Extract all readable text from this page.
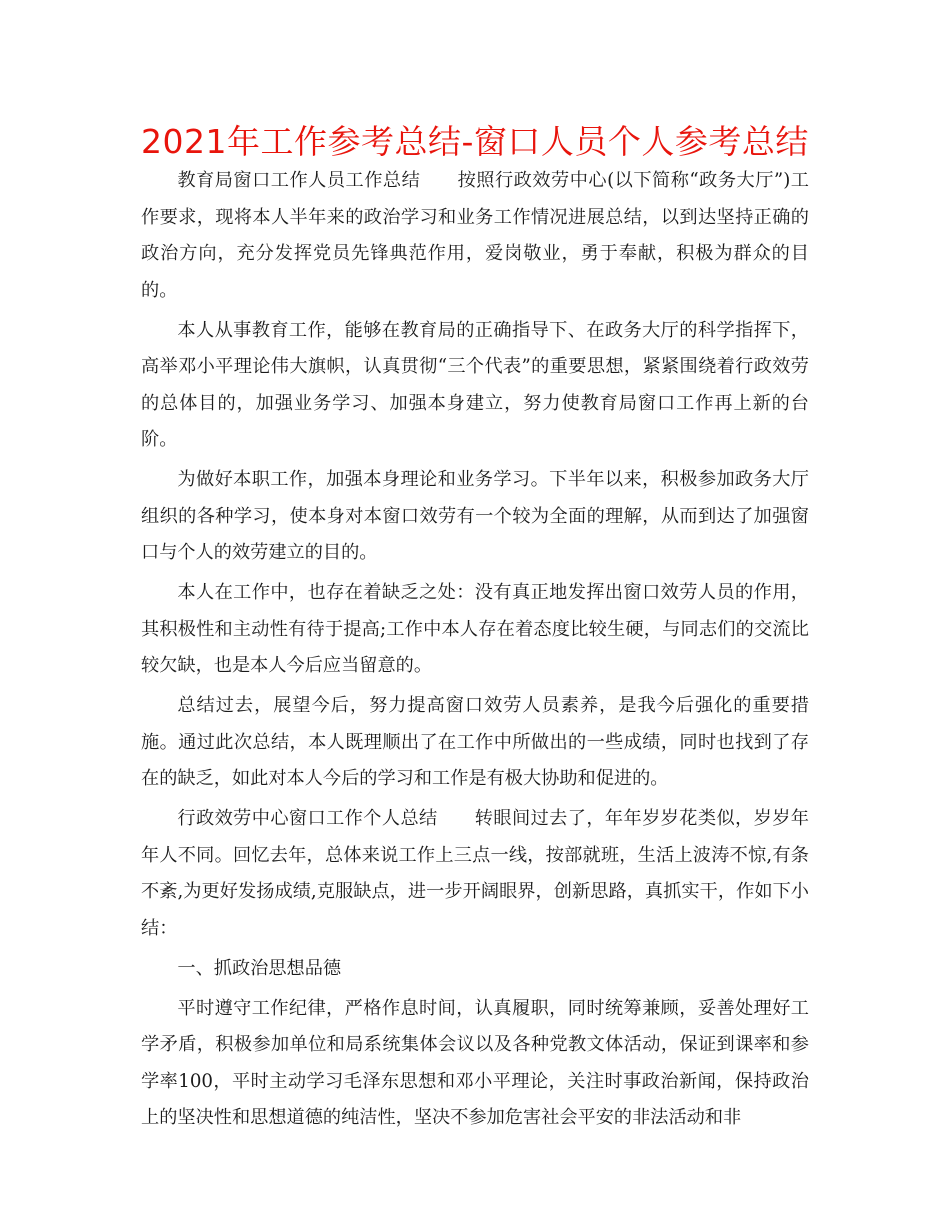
2021年工作参考总结-窗口人员个人参考总结

教育局窗口工作人员工作总结　　按照行政效劳中心(以下简称“政务大厅”)工作要求，现将本人半年来的政治学习和业务工作情况进展总结，以到达坚持正确的政治方向，充分发挥党员先锋典范作用，爱岗敬业，勇于奉献，积极为群众的目的。

本人从事教育工作，能够在教育局的正确指导下、在政务大厅的科学指挥下，高举邓小平理论伟大旗帜，认真贯彻“三个代表”的重要思想，紧紧围绕着行政效劳的总体目的，加强业务学习、加强本身建立，努力使教育局窗口工作再上新的台阶。

为做好本职工作，加强本身理论和业务学习。下半年以来，积极参加政务大厅组织的各种学习，使本身对本窗口效劳有一个较为全面的理解，从而到达了加强窗口与个人的效劳建立的目的。

本人在工作中，也存在着缺乏之处：没有真正地发挥出窗口效劳人员的作用，其积极性和主动性有待于提高;工作中本人存在着态度比较生硬，与同志们的交流比较欠缺，也是本人今后应当留意的。

总结过去，展望今后，努力提高窗口效劳人员素养，是我今后强化的重要措施。通过此次总结，本人既理顺出了在工作中所做出的一些成绩，同时也找到了存在的缺乏，如此对本人今后的学习和工作是有极大协助和促进的。

行政效劳中心窗口工作个人总结　　转眼间过去了，年年岁岁花类似，岁岁年年人不同。回忆去年，总体来说工作上三点一线，按部就班，生活上波涛不惊,有条不紊,为更好发扬成绩,克服缺点，进一步开阔眼界，创新思路，真抓实干，作如下小结：

一、抓政治思想品德

平时遵守工作纪律，严格作息时间，认真履职，同时统筹兼顾，妥善处理好工学矛盾，积极参加单位和局系统集体会议以及各种党教文体活动，保证到课率和参学率100，平时主动学习毛泽东思想和邓小平理论，关注时事政治新闻，保持政治上的坚决性和思想道德的纯洁性，坚决不参加危害社会平安的非法活动和非
